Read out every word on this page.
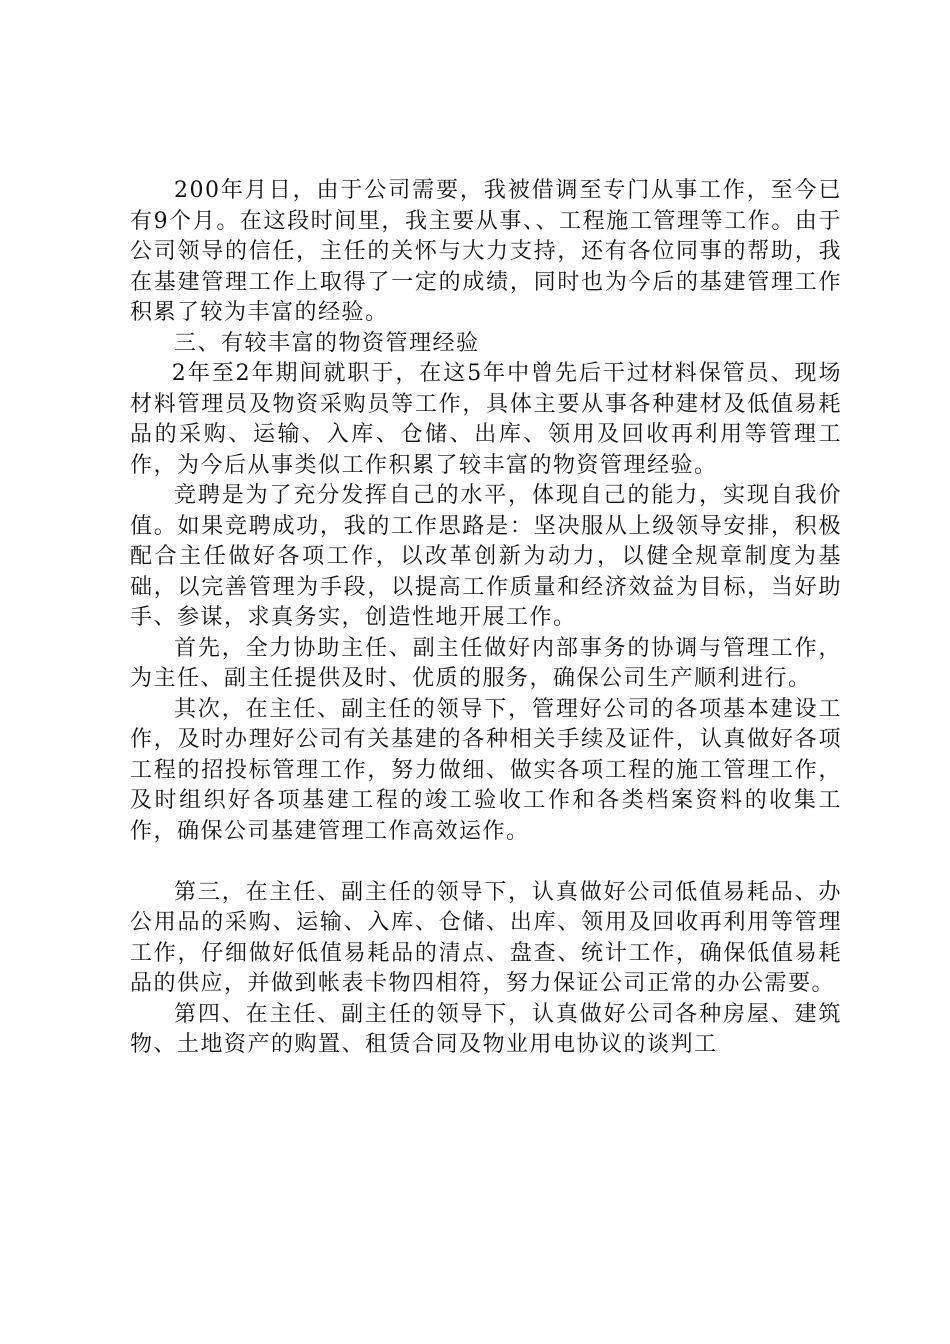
200年月日，由于公司需要，我被借调至专门从事工作，至今已有9个月。在这段时间里，我主要从事、、工程施工管理等工作。由于公司领导的信任，主任的关怀与大力支持，还有各位同事的帮助，我在基建管理工作上取得了一定的成绩，同时也为今后的基建管理工作积累了较为丰富的经验。

三、有较丰富的物资管理经验

2年至2年期间就职于，在这5年中曾先后干过材料保管员、现场材料管理员及物资采购员等工作，具体主要从事各种建材及低值易耗品的采购、运输、入库、仓储、出库、领用及回收再利用等管理工作，为今后从事类似工作积累了较丰富的物资管理经验。

竞聘是为了充分发挥自己的水平，体现自己的能力，实现自我价值。如果竞聘成功，我的工作思路是：坚决服从上级领导安排，积极配合主任做好各项工作，以改革创新为动力，以健全规章制度为基础，以完善管理为手段，以提高工作质量和经济效益为目标，当好助手、参谋，求真务实，创造性地开展工作。

首先，全力协助主任、副主任做好内部事务的协调与管理工作，为主任、副主任提供及时、优质的服务，确保公司生产顺利进行。

其次，在主任、副主任的领导下，管理好公司的各项基本建设工作，及时办理好公司有关基建的各种相关手续及证件，认真做好各项工程的招投标管理工作，努力做细、做实各项工程的施工管理工作，及时组织好各项基建工程的竣工验收工作和各类档案资料的收集工作，确保公司基建管理工作高效运作。

第三，在主任、副主任的领导下，认真做好公司低值易耗品、办公用品的采购、运输、入库、仓储、出库、领用及回收再利用等管理工作，仔细做好低值易耗品的清点、盘查、统计工作，确保低值易耗品的供应，并做到帐表卡物四相符，努力保证公司正常的办公需要。

第四、在主任、副主任的领导下，认真做好公司各种房屋、建筑物、土地资产的购置、租赁合同及物业用电协议的谈判工
